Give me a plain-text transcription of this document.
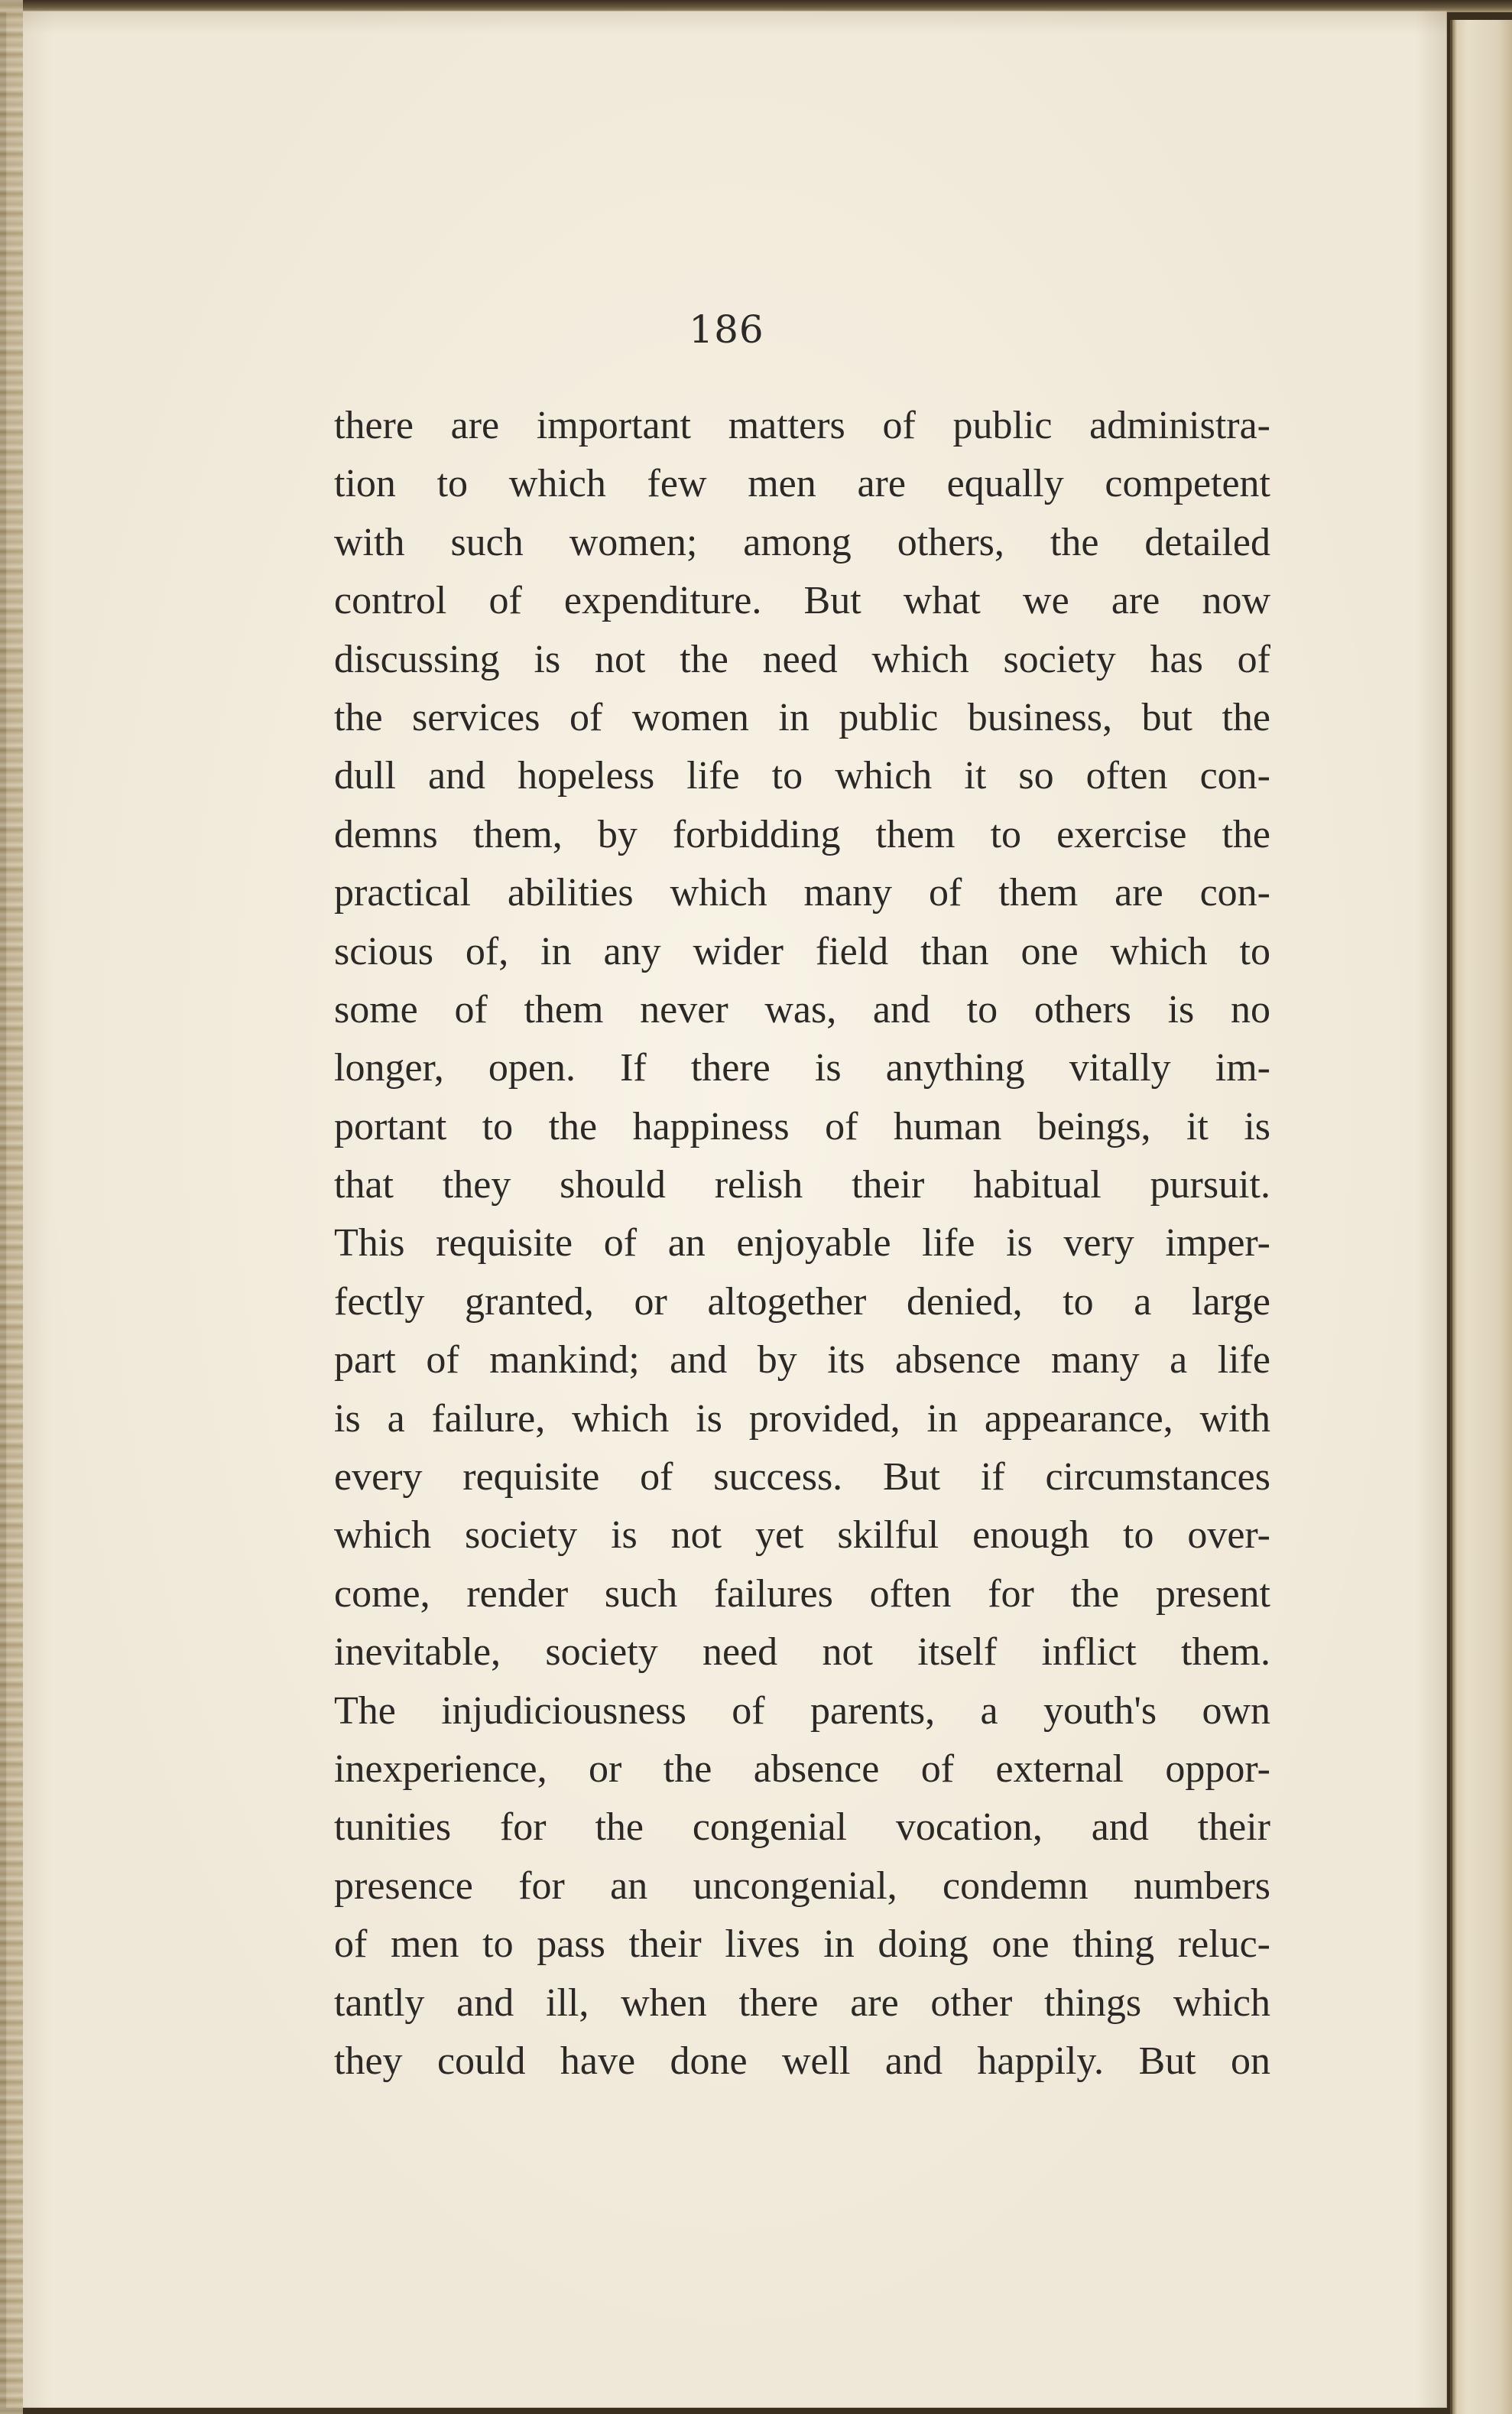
186
there are important matters of public administra-
tion to which few men are equally competent
with such women; among others, the detailed
control of expenditure. But what we are now
discussing is not the need which society has of
the services of women in public business, but the
dull and hopeless life to which it so often con-
demns them, by forbidding them to exercise the
practical abilities which many of them are con-
scious of, in any wider field than one which to
some of them never was, and to others is no
longer, open. If there is anything vitally im-
portant to the happiness of human beings, it is
that they should relish their habitual pursuit.
This requisite of an enjoyable life is very imper-
fectly granted, or altogether denied, to a large
part of mankind; and by its absence many a life
is a failure, which is provided, in appearance, with
every requisite of success. But if circumstances
which society is not yet skilful enough to over-
come, render such failures often for the present
inevitable, society need not itself inflict them.
The injudiciousness of parents, a youth's own
inexperience, or the absence of external oppor-
tunities for the congenial vocation, and their
presence for an uncongenial, condemn numbers
of men to pass their lives in doing one thing reluc-
tantly and ill, when there are other things which
they could have done well and happily. But on
